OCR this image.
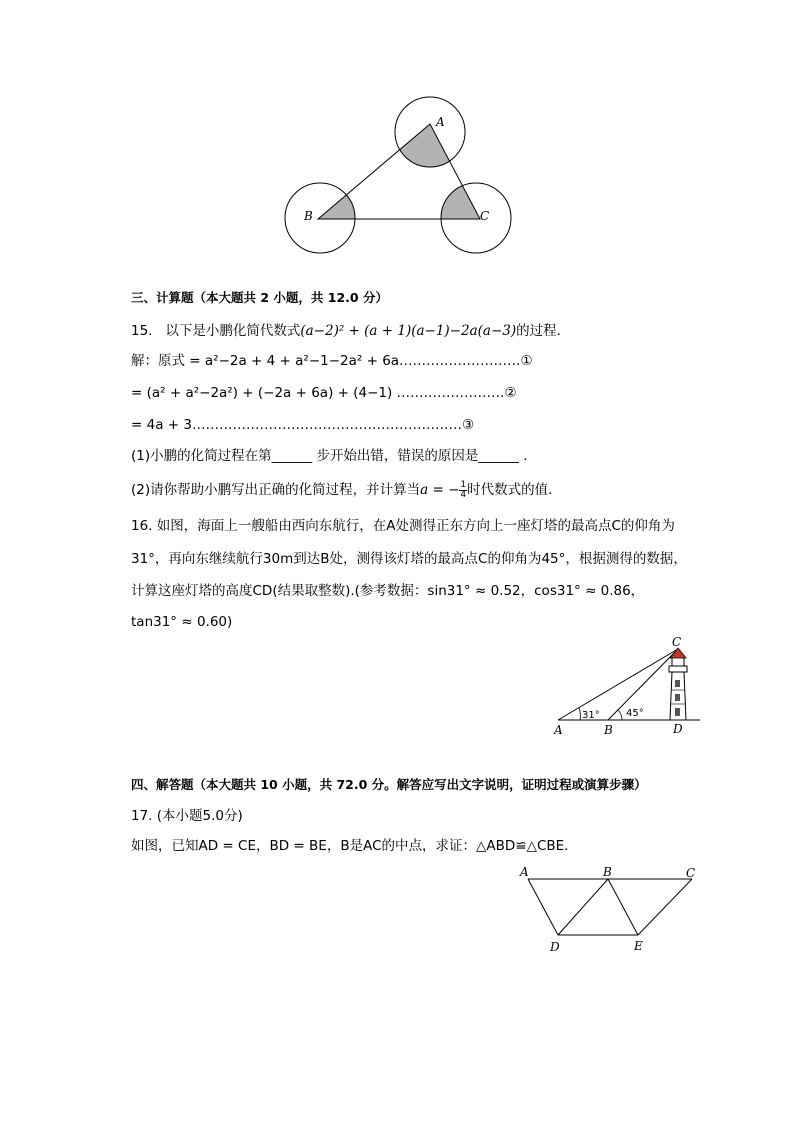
A
B	C
三、计算题（本大题共 2 小题，共 12.0 分）
15. 以下是小鹏化简代数式(a−2)² + (a + 1)(a−1)−2a(a−3)的过程．
解：原式 = a²−2a + 4 + a²−1−2a² + 6a………………………①
= (a² + a²−2a²) + (−2a + 6a) + (4−1) ……………………②
= 4a + 3……………………………………………………③
(1)小鹏的化简过程在第______ 步开始出错，错误的原因是______ ．
(2)请你帮助小鹏写出正确的化简过程，并计算当a = − $\frac{1}{4}$ 时代数式的值．
16. 如图，海面上一艘船由西向东航行，在A处测得正东方向上一座灯塔的最高点C的仰角为
31°，再向东继续航行30m到达B处，测得该灯塔的最高点C的仰角为45°，根据测得的数据，
计算这座灯塔的高度CD(结果取整数).(参考数据：sin31° ≈ 0.52，cos31° ≈ 0.86，
tan31° ≈ 0.60)
31°	45°
C
A	B	D
四、解答题（本大题共 10 小题，共 72.0 分。解答应写出文字说明，证明过程或演算步骤）
17. (本小题5.0分)
如图，已知AD = CE，BD = BE，B是AC的中点，求证：△ABD≌△CBE．
A	B	C
D	E
